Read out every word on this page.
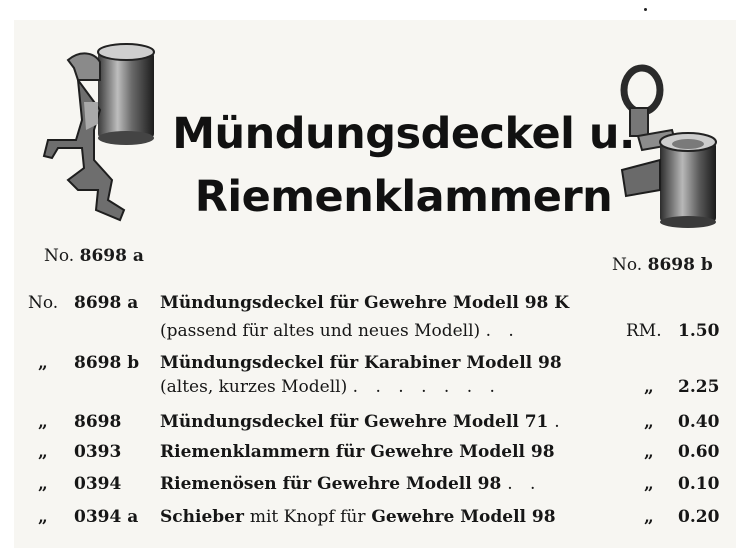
Mündungsdeckel u.
Riemenklammern
No. 8698 a	No. 8698 b
No. 8698 a Mündungsdeckel für Gewehre Modell 98 K
(passend für altes und neues Modell) . .	RM. 1.50
„ 8698 b Mündungsdeckel für Karabiner Modell 98
(altes, kurzes Modell) . . . . . . .	„ 2.25
„ 8698 Mündungsdeckel für Gewehre Modell 71 .	„ 0.40
„ 0393 Riemenklammern für Gewehre Modell 98	„ 0.60
„ 0394 Riemenösen für Gewehre Modell 98 . .	„ 0.10
„ 0394 a Schieber mit Knopf für Gewehre Modell 98	„ 0.20
